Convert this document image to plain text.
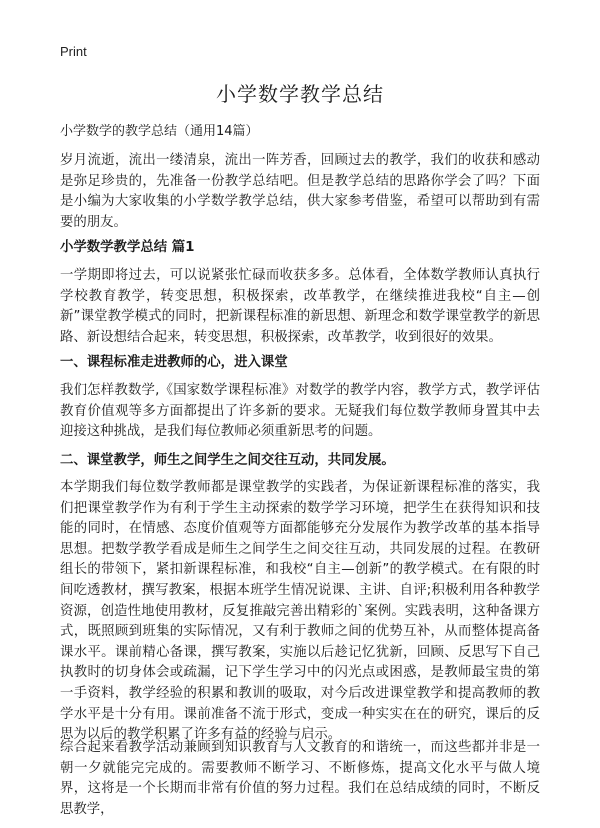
Print
小学数学教学总结

小学数学的教学总结（通用14篇）

岁月流逝，流出一缕清泉，流出一阵芳香，回顾过去的教学，我们的收获和感动是弥足珍贵的，先准备一份教学总结吧。但是教学总结的思路你学会了吗？下面是小编为大家收集的小学数学教学总结，供大家参考借鉴，希望可以帮助到有需要的朋友。

小学数学教学总结 篇1

一学期即将过去，可以说紧张忙碌而收获多多。总体看，全体数学教师认真执行学校教育教学，转变思想，积极探索，改革教学，在继续推进我校“自主—创新”课堂教学模式的同时，把新课程标准的新思想、新理念和数学课堂教学的新思路、新设想结合起来，转变思想，积极探索，改革教学，收到很好的效果。

一、课程标准走进教师的心，进入课堂

我们怎样教数学,《国家数学课程标准》对数学的教学内容，教学方式，教学评估教育价值观等多方面都提出了许多新的要求。无疑我们每位数学教师身置其中去迎接这种挑战，是我们每位教师必须重新思考的问题。

二、课堂教学，师生之间学生之间交往互动，共同发展。

本学期我们每位数学教师都是课堂教学的实践者，为保证新课程标准的落实，我们把课堂教学作为有利于学生主动探索的数学学习环境，把学生在获得知识和技能的同时，在情感、态度价值观等方面都能够充分发展作为教学改革的基本指导思想。把数学教学看成是师生之间学生之间交往互动，共同发展的过程。在教研组长的带领下，紧扣新课程标准，和我校“自主—创新”的教学模式。在有限的时间吃透教材，撰写教案，根据本班学生情况说课、主讲、自评;积极利用各种教学资源，创造性地使用教材，反复推敲完善出精彩的`案例。实践表明，这种备课方式，既照顾到班集的实际情况，又有利于教师之间的优势互补，从而整体提高备课水平。课前精心备课，撰写教案，实施以后趁记忆犹新，回顾、反思写下自己执教时的切身体会或疏漏，记下学生学习中的闪光点或困惑，是教师最宝贵的第一手资料，教学经验的积累和教训的吸取，对今后改进课堂教学和提高教师的教学水平是十分有用。课前准备不流于形式，变成一种实实在在的研究，课后的反思为以后的教学积累了许多有益的经验与启示。

综合起来看教学活动兼顾到知识教育与人文教育的和谐统一，而这些都并非是一朝一夕就能完完成的。需要教师不断学习、不断修炼，提高文化水平与做人境界，这将是一个长期而非常有价值的努力过程。我们在总结成绩的同时，不断反思教学，
